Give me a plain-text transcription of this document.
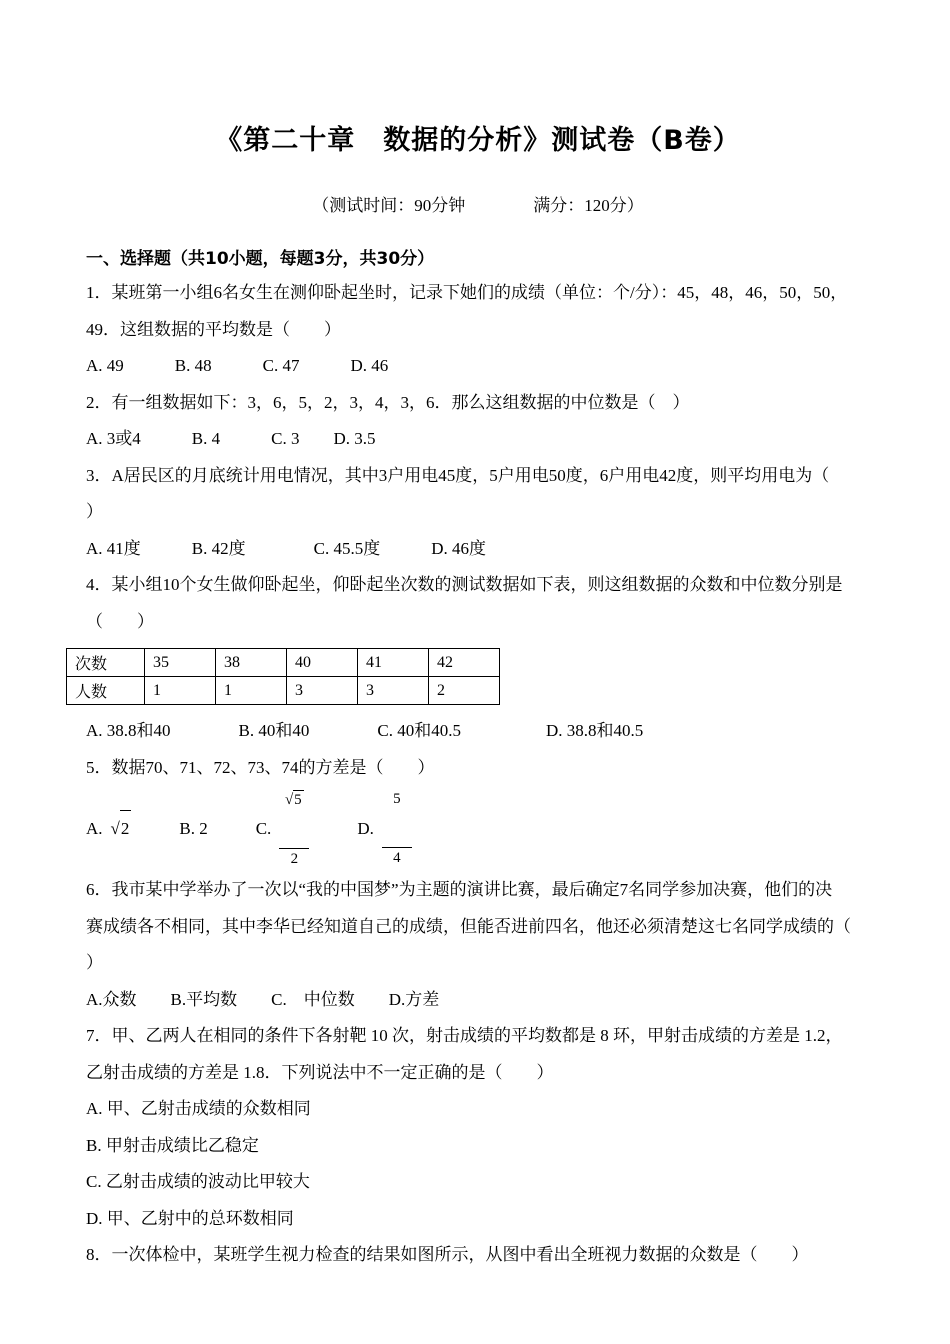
《第二十章　数据的分析》测试卷（B卷）
（测试时间：90分钟　　　　满分：120分）
一、选择题（共10小题，每题3分，共30分）
1．某班第一小组6名女生在测仰卧起坐时，记录下她们的成绩（单位：个/分）：45，48，46，50，50，
49．这组数据的平均数是（　　）
A. 49　　　B. 48　　　C. 47　　　D. 46
2．有一组数据如下：3，6，5，2，3，4，3，6．那么这组数据的中位数是（　）
A. 3或4　　　B. 4　　　C. 3　　D. 3.5
3．A居民区的月底统计用电情况，其中3户用电45度，5户用电50度，6户用电42度，则平均用电为（
）
A. 41度　　　B. 42度　　　　C. 45.5度　　　D. 46度
4．某小组10个女生做仰卧起坐，仰卧起坐次数的测试数据如下表，则这组数据的众数和中位数分别是
（　　）
次数	35	38	40	41	42
人数	1	1	3	3	2
A. 38.8和40　　　　B. 40和40　　　　C. 40和40.5　　　　　D. 38.8和40.5
5．数据70、71、72、73、74的方差是（　　）
A. √2	B. 2	C.

$\frac{√5}{2}$

	D.

$\frac{5}{4}$

6．我市某中学举办了一次以“我的中国梦”为主题的演讲比赛，最后确定7名同学参加决赛，他们的决
赛成绩各不相同，其中李华已经知道自己的成绩，但能否进前四名，他还必须清楚这七名同学成绩的（
）
A.众数　　B.平均数　　C.　中位数　　D.方差
7．甲、乙两人在相同的条件下各射靶 10 次，射击成绩的平均数都是 8 环，甲射击成绩的方差是 1.2，
乙射击成绩的方差是 1.8．下列说法中不一定正确的是（　　）
A. 甲、乙射击成绩的众数相同
B. 甲射击成绩比乙稳定
C. 乙射击成绩的波动比甲较大
D. 甲、乙射中的总环数相同
8．一次体检中，某班学生视力检查的结果如图所示，从图中看出全班视力数据的众数是（　　）
